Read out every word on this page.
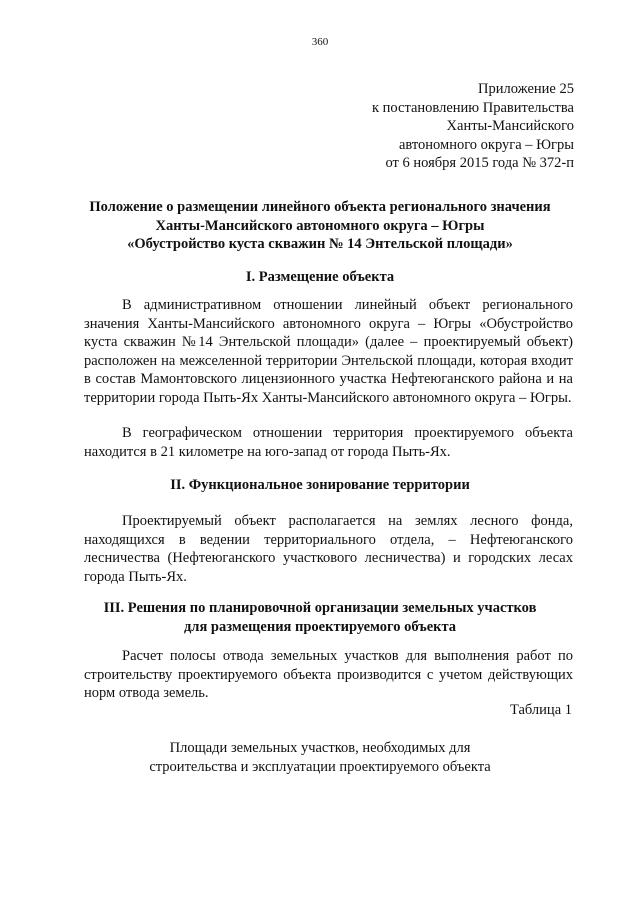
360
Приложение 25
к постановлению Правительства
Ханты-Мансийского
автономного округа – Югры
от 6 ноября 2015 года № 372-п
Положение о размещении линейного объекта регионального значения
Ханты-Мансийского автономного округа – Югры
«Обустройство куста скважин № 14 Энтельской площади»
I. Размещение объекта
В административном отношении линейный объект регионального значения Ханты-Мансийского автономного округа – Югры «Обустройство куста скважин №14 Энтельской площади» (далее – проектируемый объект) расположен на межселенной территории Энтельской площади, которая входит в состав Мамонтовского лицензионного участка Нефтеюганского района и на территории города Пыть-Ях Ханты-Мансийского автономного округа – Югры.
В географическом отношении территория проектируемого объекта находится в 21 километре на юго-запад от города Пыть-Ях.
II. Функциональное зонирование территории
Проектируемый объект располагается на землях лесного фонда, находящихся в ведении территориального отдела, – Нефтеюганского лесничества (Нефтеюганского участкового лесничества) и городских лесах города Пыть-Ях.
III. Решения по планировочной организации земельных участков
для размещения проектируемого объекта
Расчет полосы отвода земельных участков для выполнения работ по строительству проектируемого объекта производится с учетом действующих норм отвода земель.
Таблица 1
Площади земельных участков, необходимых для
строительства и эксплуатации проектируемого объекта
